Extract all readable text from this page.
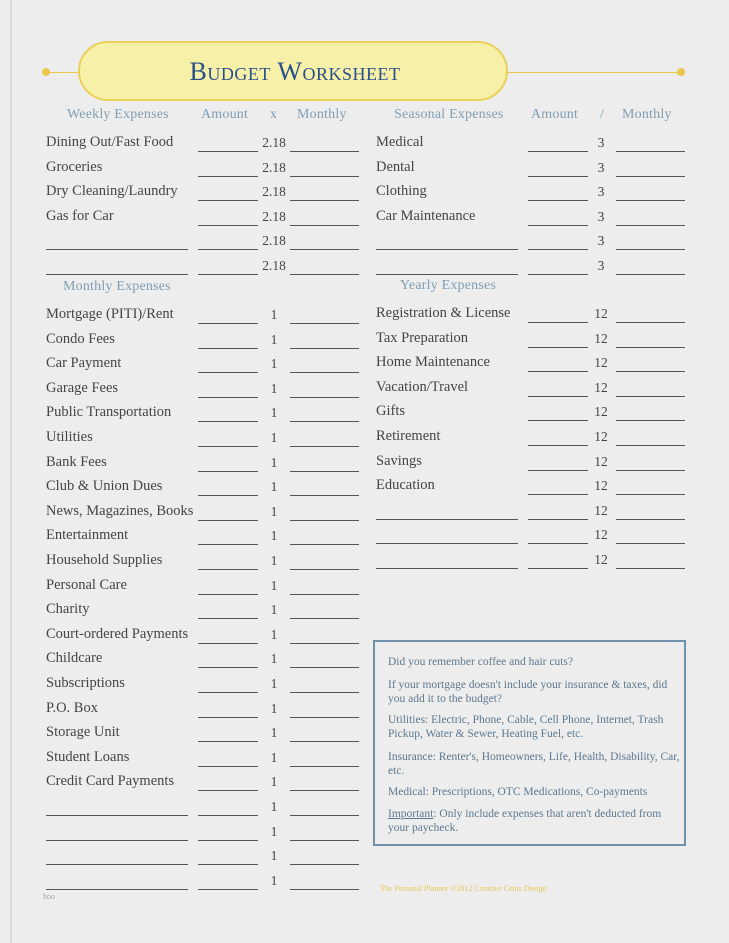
Budget Worksheet
Weekly Expenses Amount x Monthly	Seasonal Expenses Amount / Monthly
Monthly Expenses	Yearly Expenses
Dining Out/Fast Food	2.18
Groceries	2.18
Dry Cleaning/Laundry	2.18
Gas for Car	2.18
2.18
2.18
Medical	3
Dental	3
Clothing	3
Car Maintenance	3
3
3
Mortgage (PITI)/Rent	1
Condo Fees	1
Car Payment	1
Garage Fees	1
Public Transportation	1
Utilities	1
Bank Fees	1
Club & Union Dues	1
News, Magazines, Books	1
Entertainment	1
Household Supplies	1
Personal Care	1
Charity	1
Court-ordered Payments	1
Childcare	1
Subscriptions	1
P.O. Box	1
Storage Unit	1
Student Loans	1
Credit Card Payments	1
1
1
1
1
Registration & License	12
Tax Preparation	12
Home Maintenance	12
Vacation/Travel	12
Gifts	12
Retirement	12
Savings	12
Education	12
12
12
12
Did you remember coffee and hair cuts?
If your mortgage doesn't include your insurance & taxes, did you add it to the budget?
Utilities: Electric, Phone, Cable, Cell Phone, Internet, Trash Pickup, Water & Sewer, Heating Fuel, etc.
Insurance: Renter's, Homeowners, Life, Health, Disability, Car, etc.
Medical: Prescriptions, OTC Medications, Co-payments
Important: Only include expenses that aren't deducted from your paycheck.
The Personal Planner ©2012 Creative Cents Design
hoo
